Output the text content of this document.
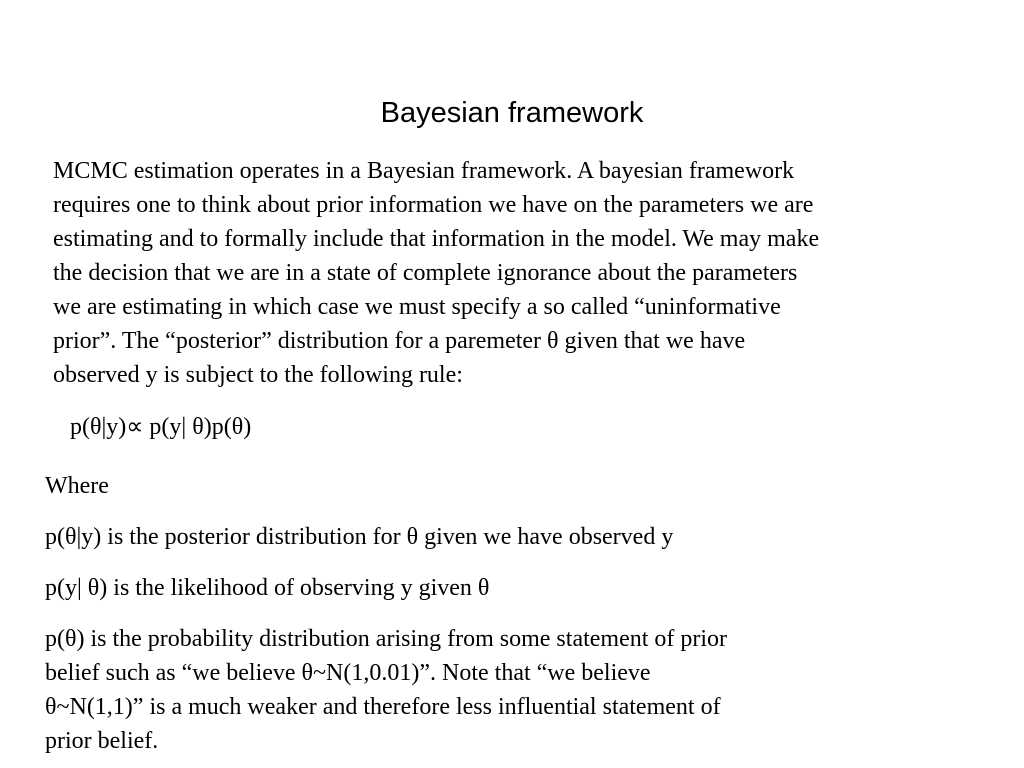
Bayesian framework

MCMC estimation operates in a Bayesian framework. A bayesian framework
requires one to think about prior information we have on the parameters we are
estimating and to formally include that information in the model. We may make
the decision that we are in a state of complete ignorance about the parameters
we are estimating in which case we must specify a so called “uninformative
prior”. The “posterior” distribution for a paremeter θ given that we have
observed y is subject to the following rule:

p(θ|y)∝ p(y| θ)p(θ)

Where

p(θ|y) is the posterior distribution for θ given we have observed y

p(y| θ) is the likelihood of observing y given θ

p(θ) is the probability distribution arising from some statement of prior
belief such as “we believe θ~N(1,0.01)”. Note that “we believe
θ~N(1,1)” is a much weaker and therefore less influential statement of
prior belief.
